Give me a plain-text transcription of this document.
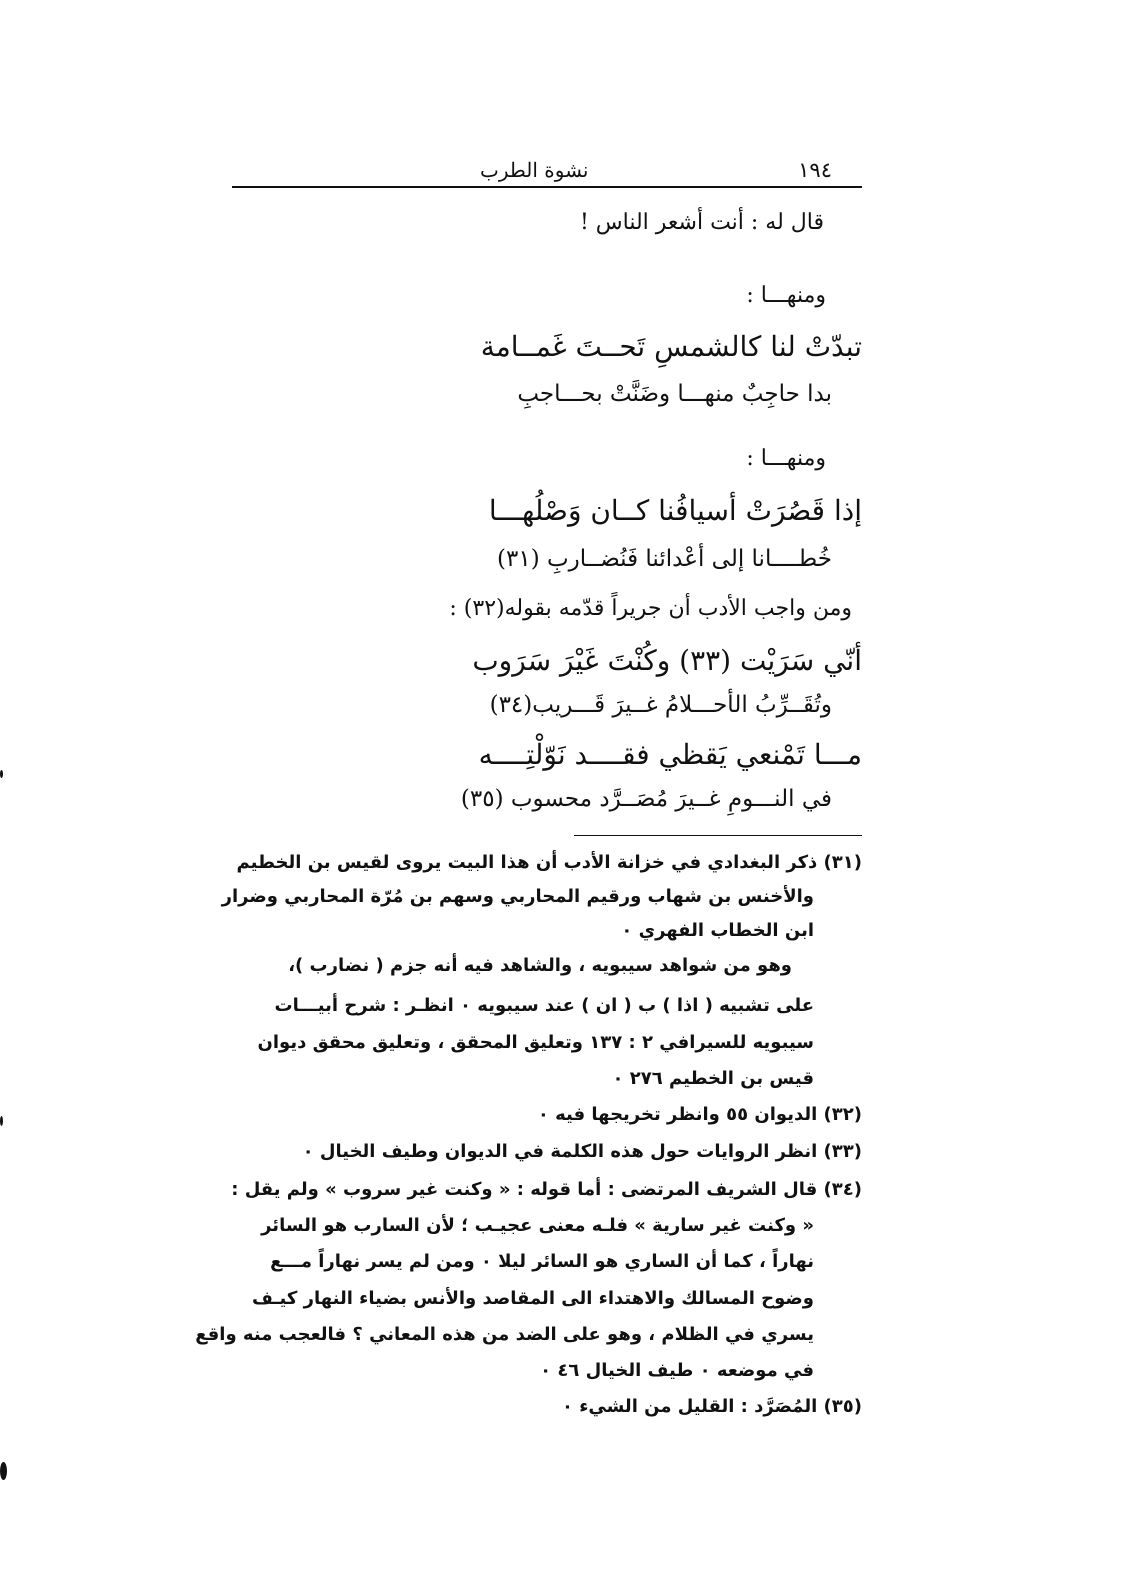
١٩٤
نشوة الطرب
قال له : أنت أشعر الناس !
ومنهـــا :
تبدّتْ لنا كالشمسِ تَحــتَ غَمــامة
بدا حاجِبٌ منهـــا وضَنَّتْ بحـــاجبِ
ومنهـــا :
إذا قَصُرَتْ أسيافُنا كــان وَصْلُهـــا
خُطــــانا إلى أعْدائنا فَنُضــاربِ (٣١)
ومن واجب الأدب أن جريراً قدّمه بقوله(٣٢) :
أنّي سَرَيْت (٣٣) وكُنْتَ غَيْرَ سَرَوب
وتُقَــرِّبُ الأحـــلامُ غــيرَ قَـــريب(٣٤)
مـــا تَمْنعي يَقظي فقــــد نَوّلْتِــــه
في النـــومِ غــيرَ مُصَــرَّد محسوب (٣٥)
(٣١) ذكر البغدادي في خزانة الأدب أن هذا البيت يروى لقيس بن الخطيم
والأخنس بن شهاب ورقيم المحاربي وسهم بن مُرّة المحاربي وضرار
ابن الخطاب الفهري ٠
وهو من شواهد سيبويه ، والشاهد فيه أنه جزم ( نضارب )،
على تشبيه ( اذا ) ب ( ان ) عند سيبويه ٠ انظـر : شرح أبيـــات
سيبويه للسيرافي ٢ : ١٣٧ وتعليق المحقق ، وتعليق محقق ديوان
قيس بن الخطيم ٢٧٦ ٠
(٣٢) الديوان ٥٥ وانظر تخريجها فيه ٠
(٣٣) انظر الروايات حول هذه الكلمة في الديوان وطيف الخيال ٠
(٣٤) قال الشريف المرتضى : أما قوله : « وكنت غير سروب » ولم يقل :
« وكنت غير سارية » فلـه معنى عجيـب ؛ لأن السارب هو السائر
نهاراً ، كما أن الساري هو السائر ليلا ٠ ومن لم يسر نهاراً مـــع
وضوح المسالك والاهتداء الى المقاصد والأنس بضياء النهار كيـف
يسري في الظلام ، وهو على الضد من هذه المعاني ؟ فالعجب منه واقع
في موضعه ٠ طيف الخيال ٤٦ ٠
(٣٥) المُصَرَّد : القليل من الشيء ٠
